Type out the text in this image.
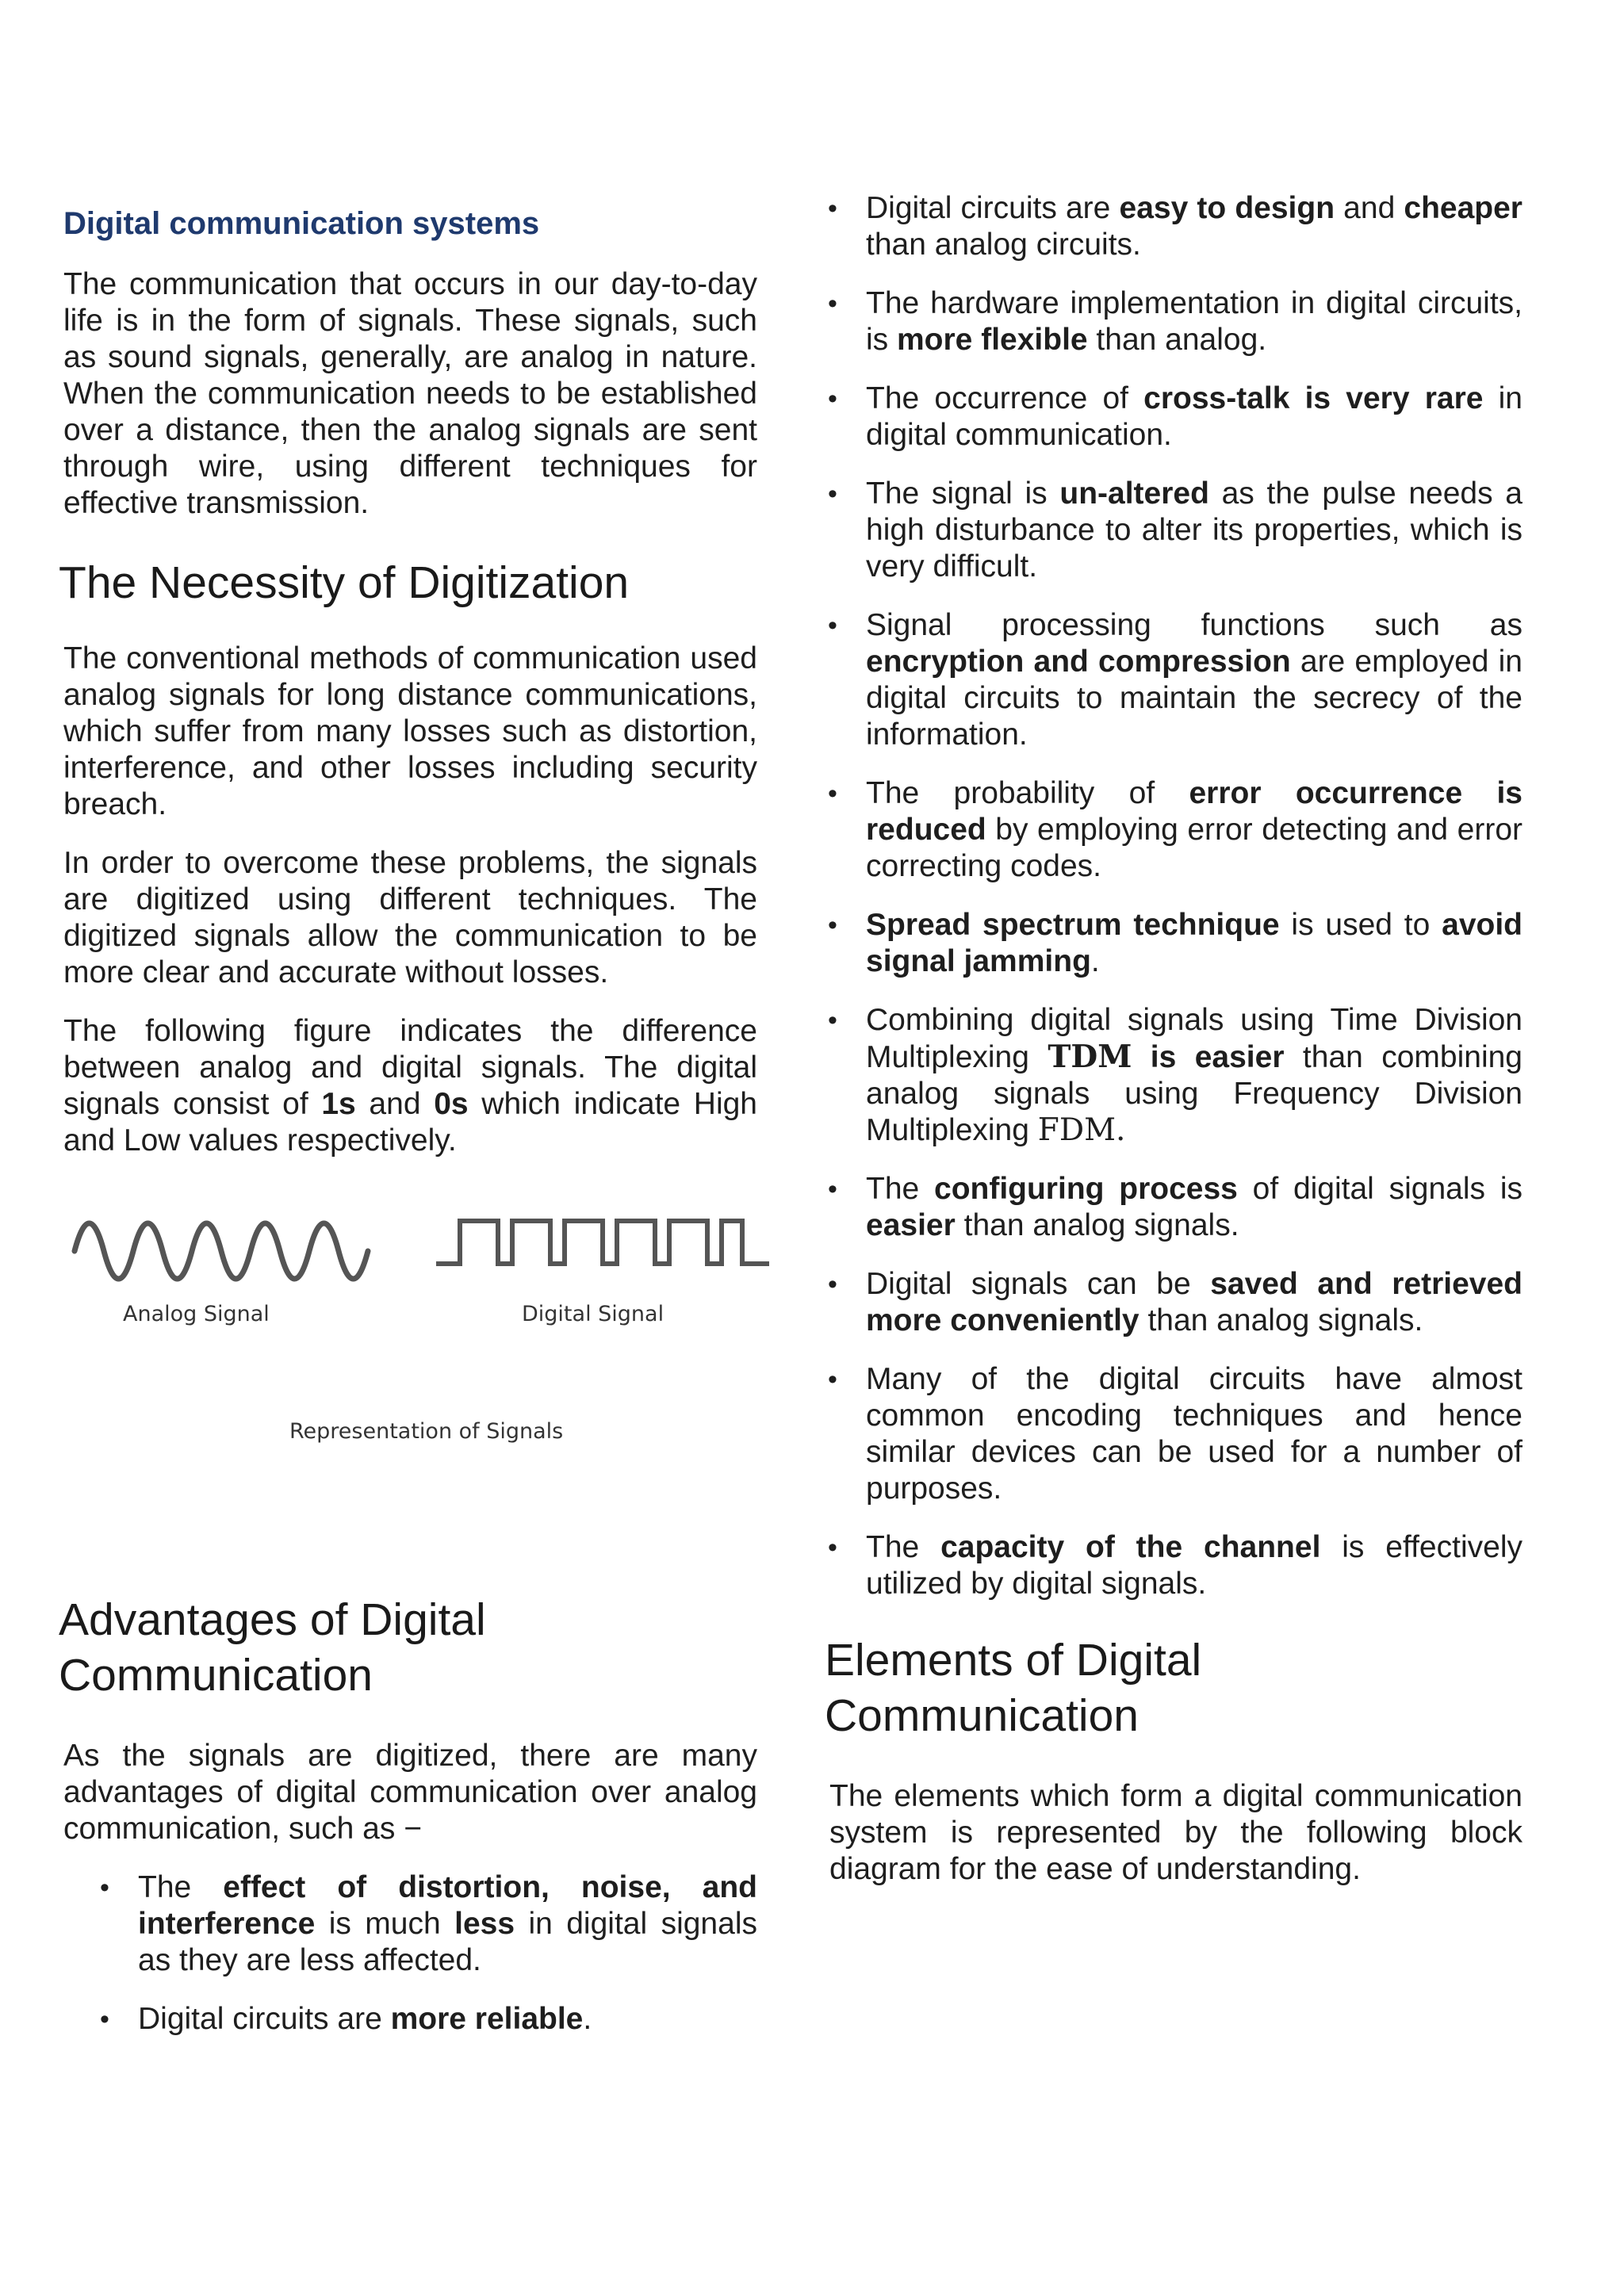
Digital communication systems

The communication that occurs in our day-to-day life is in the form of signals. These signals, such as sound signals, generally, are analog in nature. When the communication needs to be established over a distance, then the analog signals are sent through wire, using different techniques for effective transmission.

The Necessity of Digitization

The conventional methods of communication used analog signals for long distance communications, which suffer from many losses such as distortion, interference, and other losses including security breach.

In order to overcome these problems, the signals are digitized using different techniques. The digitized signals allow the communication to be more clear and accurate without losses.

The following figure indicates the difference between analog and digital signals. The digital signals consist of 1s and 0s which indicate High and Low values respectively.

Analog Signal	Digital Signal
Representation of Signals
Advantages of Digital
Communication

As the signals are digitized, there are many advantages of digital communication over analog communication, such as −

• The effect of distortion, noise, and interference is much less in digital signals as they are less affected.
• Digital circuits are more reliable.
• Digital circuits are easy to design and cheaper than analog circuits.
• The hardware implementation in digital circuits, is more flexible than analog.
• The occurrence of cross-talk is very rare in digital communication.
• The signal is un-altered as the pulse needs a high disturbance to alter its properties, which is very difficult.
• Signal processing functions such as encryption and compression are employed in digital circuits to maintain the secrecy of the information.
• The probability of error occurrence is reduced by employing error detecting and error correcting codes.
• Spread spectrum technique is used to avoid signal jamming.
• Combining digital signals using Time Division Multiplexing TDM is easier than combining analog signals using Frequency Division Multiplexing FDM.
• The configuring process of digital signals is easier than analog signals.
• Digital signals can be saved and retrieved more conveniently than analog signals.
• Many of the digital circuits have almost common encoding techniques and hence similar devices can be used for a number of purposes.
• The capacity of the channel is effectively utilized by digital signals.
Elements of Digital
Communication

The elements which form a digital communication system is represented by the following block diagram for the ease of understanding.
